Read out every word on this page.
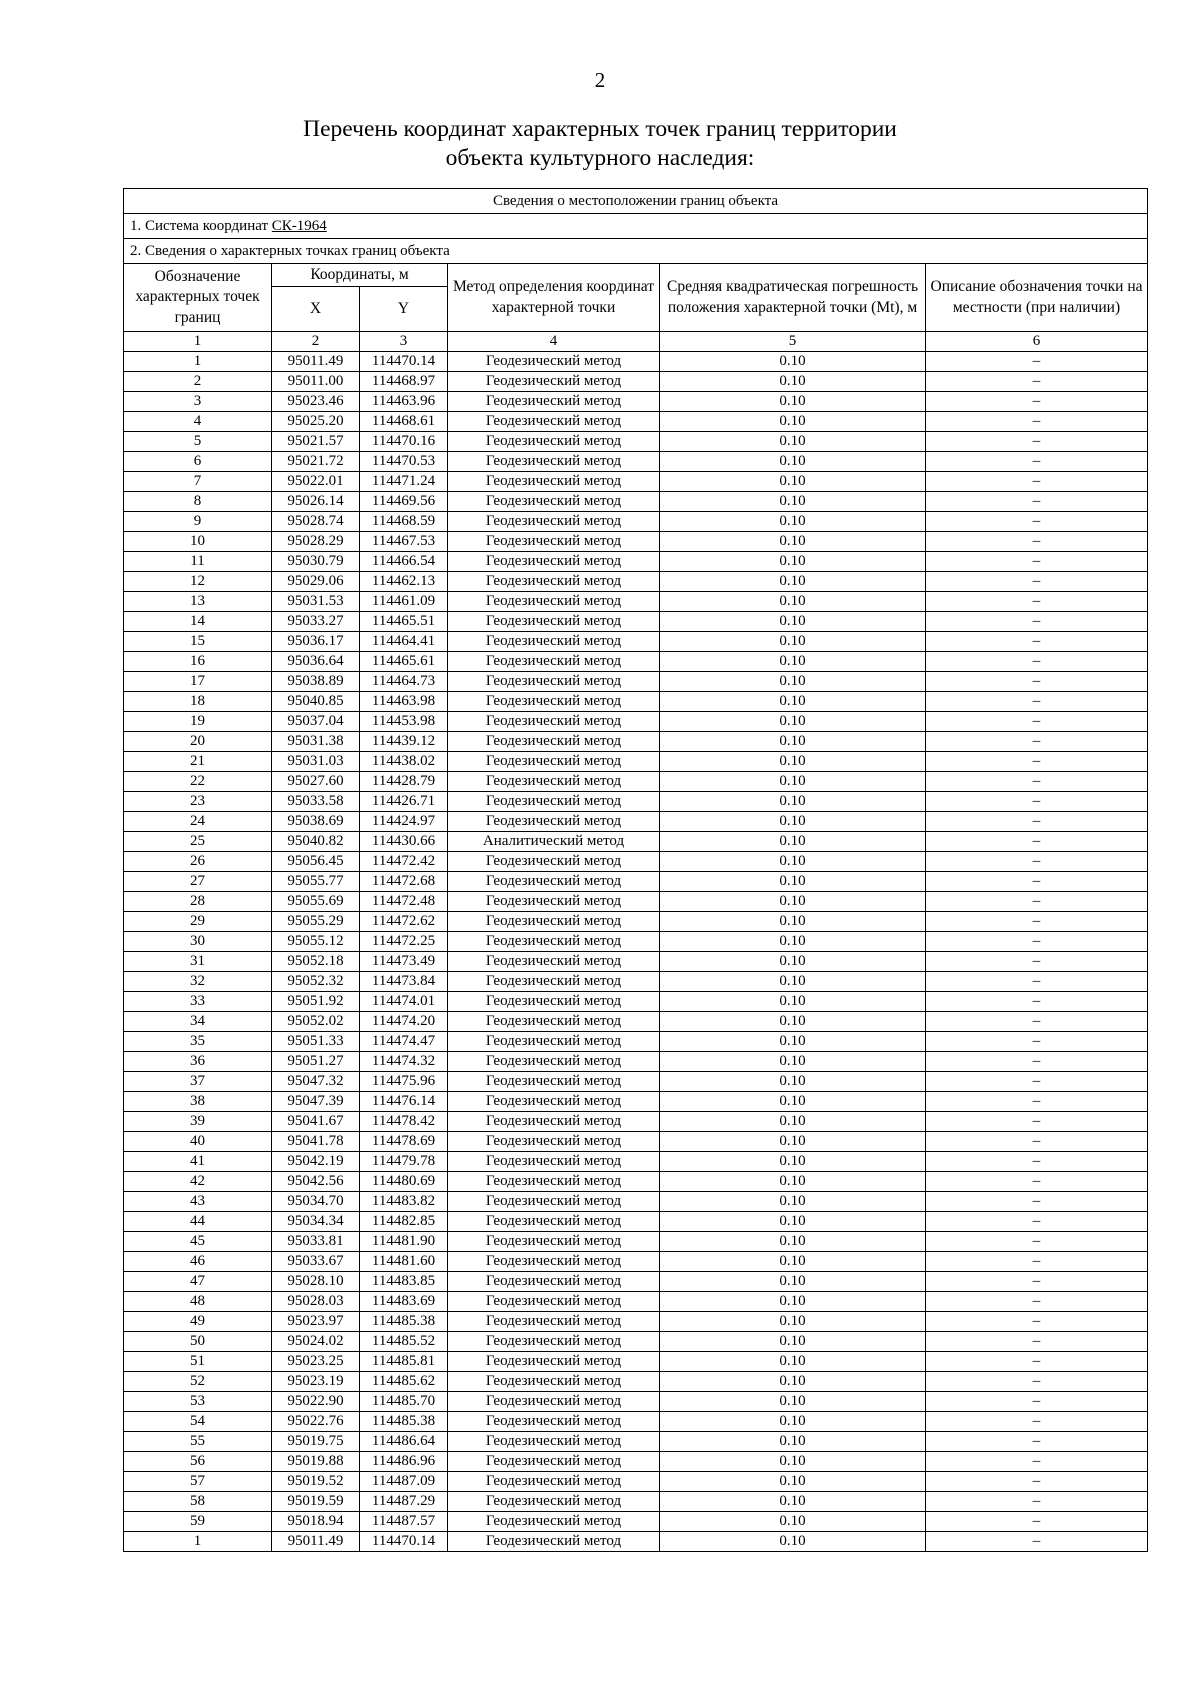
2
Перечень координат характерных точек границ территории
объекта культурного наследия:
Сведения о местоположении границ объекта					
1. Система координат СК-1964					
2. Сведения о характерных точках границ объекта					
Обозначение характерных точек границ	Координаты, м		Метод определения координат характерной точки	Средняя квадратическая погрешность положения характерной точки (Mt), м	Описание обозначения точки на местности (при наличии)
	X	Y			
1	2	3	4	5	6
1	95011.49	114470.14	Геодезический метод	0.10	–
2	95011.00	114468.97	Геодезический метод	0.10	–
3	95023.46	114463.96	Геодезический метод	0.10	–
4	95025.20	114468.61	Геодезический метод	0.10	–
5	95021.57	114470.16	Геодезический метод	0.10	–
6	95021.72	114470.53	Геодезический метод	0.10	–
7	95022.01	114471.24	Геодезический метод	0.10	–
8	95026.14	114469.56	Геодезический метод	0.10	–
9	95028.74	114468.59	Геодезический метод	0.10	–
10	95028.29	114467.53	Геодезический метод	0.10	–
11	95030.79	114466.54	Геодезический метод	0.10	–
12	95029.06	114462.13	Геодезический метод	0.10	–
13	95031.53	114461.09	Геодезический метод	0.10	–
14	95033.27	114465.51	Геодезический метод	0.10	–
15	95036.17	114464.41	Геодезический метод	0.10	–
16	95036.64	114465.61	Геодезический метод	0.10	–
17	95038.89	114464.73	Геодезический метод	0.10	–
18	95040.85	114463.98	Геодезический метод	0.10	–
19	95037.04	114453.98	Геодезический метод	0.10	–
20	95031.38	114439.12	Геодезический метод	0.10	–
21	95031.03	114438.02	Геодезический метод	0.10	–
22	95027.60	114428.79	Геодезический метод	0.10	–
23	95033.58	114426.71	Геодезический метод	0.10	–
24	95038.69	114424.97	Геодезический метод	0.10	–
25	95040.82	114430.66	Аналитический метод	0.10	–
26	95056.45	114472.42	Геодезический метод	0.10	–
27	95055.77	114472.68	Геодезический метод	0.10	–
28	95055.69	114472.48	Геодезический метод	0.10	–
29	95055.29	114472.62	Геодезический метод	0.10	–
30	95055.12	114472.25	Геодезический метод	0.10	–
31	95052.18	114473.49	Геодезический метод	0.10	–
32	95052.32	114473.84	Геодезический метод	0.10	–
33	95051.92	114474.01	Геодезический метод	0.10	–
34	95052.02	114474.20	Геодезический метод	0.10	–
35	95051.33	114474.47	Геодезический метод	0.10	–
36	95051.27	114474.32	Геодезический метод	0.10	–
37	95047.32	114475.96	Геодезический метод	0.10	–
38	95047.39	114476.14	Геодезический метод	0.10	–
39	95041.67	114478.42	Геодезический метод	0.10	–
40	95041.78	114478.69	Геодезический метод	0.10	–
41	95042.19	114479.78	Геодезический метод	0.10	–
42	95042.56	114480.69	Геодезический метод	0.10	–
43	95034.70	114483.82	Геодезический метод	0.10	–
44	95034.34	114482.85	Геодезический метод	0.10	–
45	95033.81	114481.90	Геодезический метод	0.10	–
46	95033.67	114481.60	Геодезический метод	0.10	–
47	95028.10	114483.85	Геодезический метод	0.10	–
48	95028.03	114483.69	Геодезический метод	0.10	–
49	95023.97	114485.38	Геодезический метод	0.10	–
50	95024.02	114485.52	Геодезический метод	0.10	–
51	95023.25	114485.81	Геодезический метод	0.10	–
52	95023.19	114485.62	Геодезический метод	0.10	–
53	95022.90	114485.70	Геодезический метод	0.10	–
54	95022.76	114485.38	Геодезический метод	0.10	–
55	95019.75	114486.64	Геодезический метод	0.10	–
56	95019.88	114486.96	Геодезический метод	0.10	–
57	95019.52	114487.09	Геодезический метод	0.10	–
58	95019.59	114487.29	Геодезический метод	0.10	–
59	95018.94	114487.57	Геодезический метод	0.10	–
1	95011.49	114470.14	Геодезический метод	0.10	–
